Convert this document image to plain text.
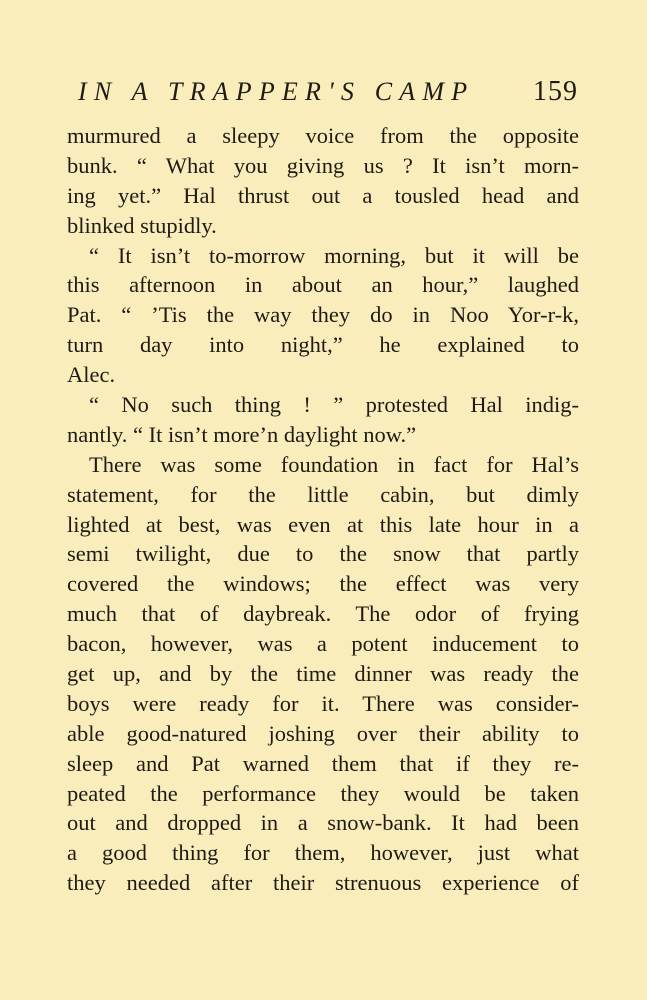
IN A TRAPPER'S CAMP 159
murmured a sleepy voice from the opposite
bunk. “ What you giving us ? It isn’t morn-
ing yet.” Hal thrust out a tousled head and
blinked stupidly.
“ It isn’t to-morrow morning, but it will be
this afternoon in about an hour,” laughed
Pat. “ ’Tis the way they do in Noo Yor-r-k,
turn day into night,” he explained to
Alec.
“ No such thing ! ” protested Hal indig-
nantly. “ It isn’t more’n daylight now.”
There was some foundation in fact for Hal’s
statement, for the little cabin, but dimly
lighted at best, was even at this late hour in a
semi twilight, due to the snow that partly
covered the windows; the effect was very
much that of daybreak. The odor of frying
bacon, however, was a potent inducement to
get up, and by the time dinner was ready the
boys were ready for it. There was consider-
able good-natured joshing over their ability to
sleep and Pat warned them that if they re-
peated the performance they would be taken
out and dropped in a snow-bank. It had been
a good thing for them, however, just what
they needed after their strenuous experience of
